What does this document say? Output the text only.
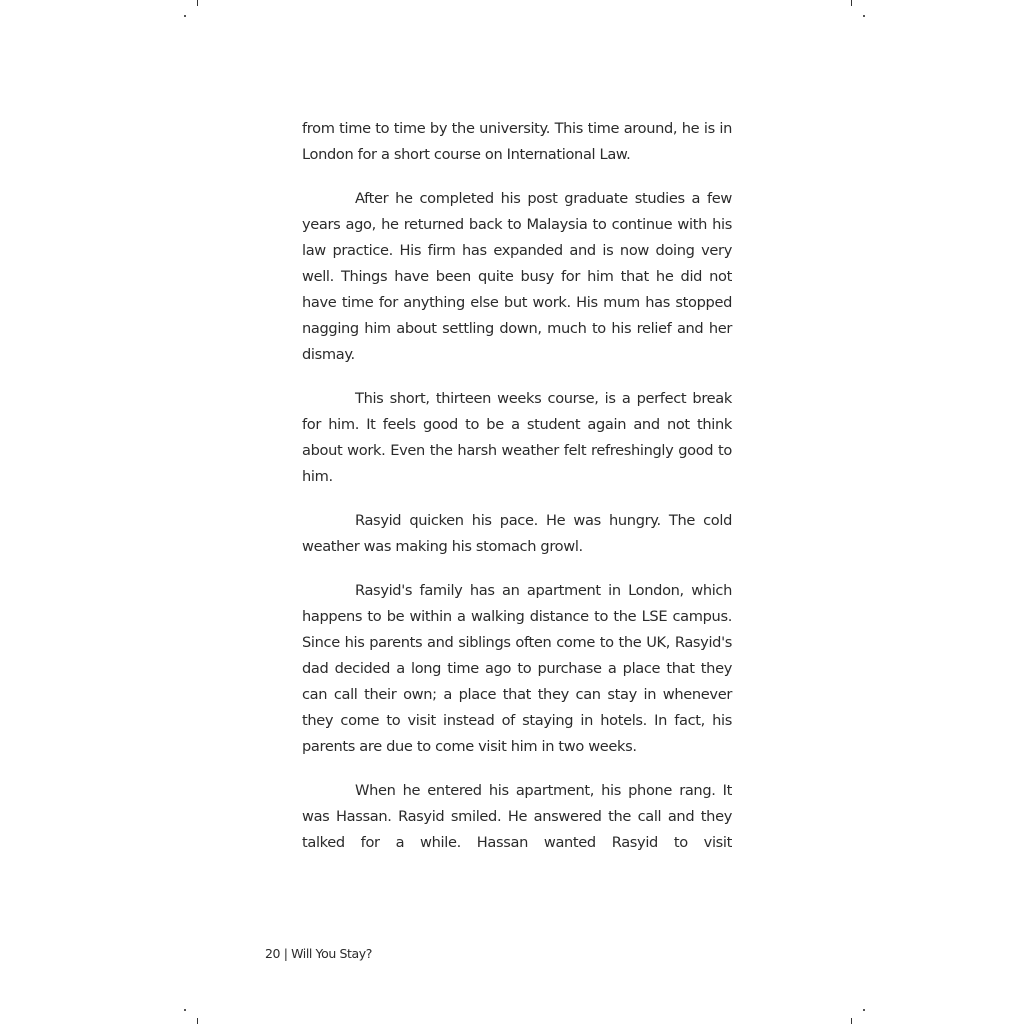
from time to time by the university. This time around, he is in London for a short course on International Law.

After he completed his post graduate studies a few years ago, he returned back to Malaysia to continue with his law practice. His firm has expanded and is now doing very well. Things have been quite busy for him that he did not have time for anything else but work. His mum has stopped nagging him about settling down, much to his relief and her dismay.

This short, thirteen weeks course, is a perfect break for him. It feels good to be a student again and not think about work. Even the harsh weather felt refreshingly good to him.

Rasyid quicken his pace. He was hungry. The cold weather was making his stomach growl.

Rasyid's family has an apartment in London, which happens to be within a walking distance to the LSE campus. Since his parents and siblings often come to the UK, Rasyid's dad decided a long time ago to purchase a place that they can call their own; a place that they can stay in whenever they come to visit instead of staying in hotels. In fact, his parents are due to come visit him in two weeks.

When he entered his apartment, his phone rang. It was Hassan. Rasyid smiled. He answered the call and they talked for a while. Hassan wanted Rasyid to visit

20 | Will You Stay?
